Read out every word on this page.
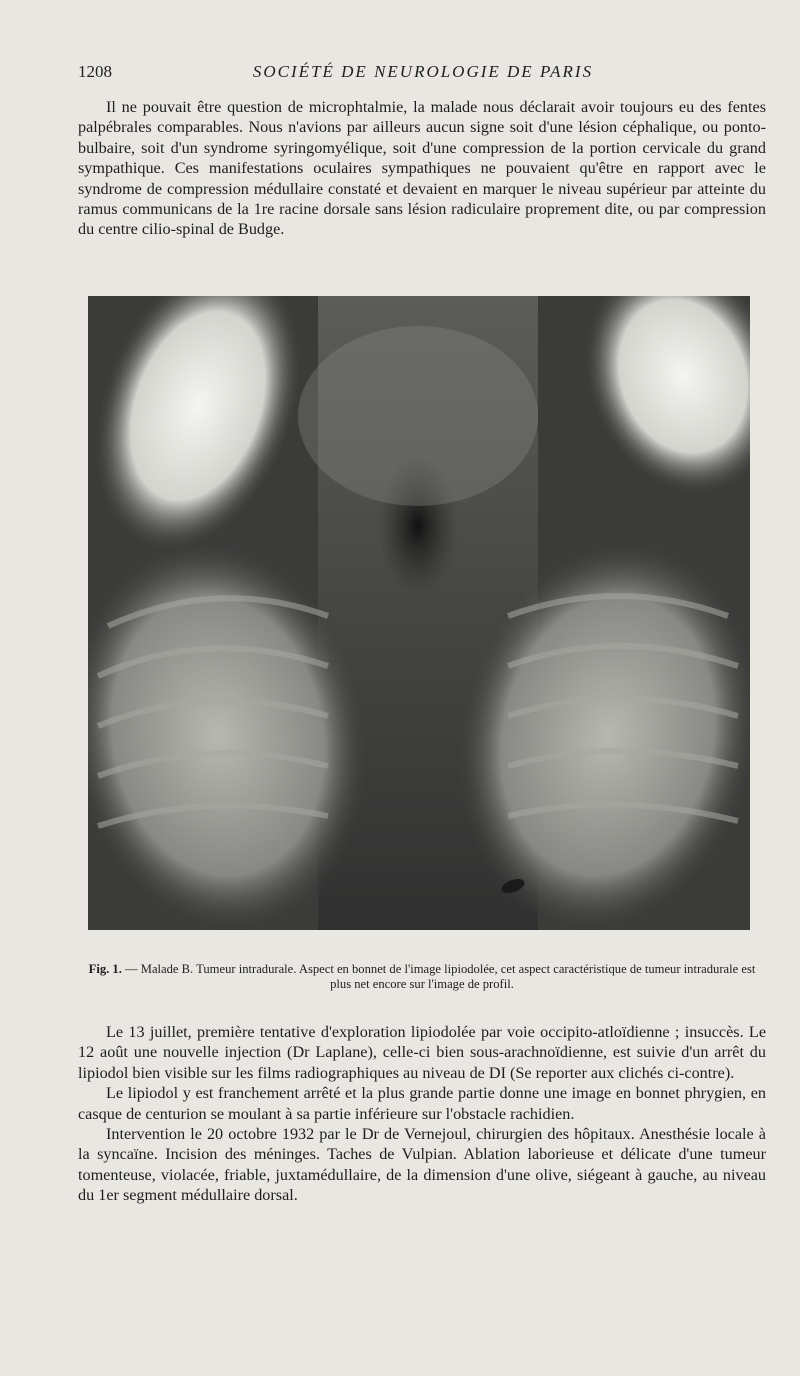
1208	SOCIÉTÉ DE NEUROLOGIE DE PARIS

Il ne pouvait être question de microphtalmie, la malade nous déclarait avoir toujours eu des fentes palpébrales comparables. Nous n'avions par ailleurs aucun signe soit d'une lésion céphalique, ou ponto-bulbaire, soit d'un syndrome syringomyélique, soit d'une compression de la portion cervicale du grand sympathique. Ces manifestations oculaires sympathiques ne pouvaient qu'être en rapport avec le syndrome de compression médullaire constaté et devaient en marquer le niveau supérieur par atteinte du ramus communicans de la 1re racine dorsale sans lésion radiculaire proprement dite, ou par compression du centre cilio-spinal de Budge.

Fig. 1. — Malade B. Tumeur intradurale. Aspect en bonnet de l'image lipiodolée, cet aspect caractéristique de tumeur intradurale est plus net encore sur l'image de profil.

Le 13 juillet, première tentative d'exploration lipiodolée par voie occipito-atloïdienne ; insuccès. Le 12 août une nouvelle injection (Dr Laplane), celle-ci bien sous-arachnoïdienne, est suivie d'un arrêt du lipiodol bien visible sur les films radiographiques au niveau de DI (Se reporter aux clichés ci-contre).

Le lipiodol y est franchement arrêté et la plus grande partie donne une image en bonnet phrygien, en casque de centurion se moulant à sa partie inférieure sur l'obstacle rachidien.

Intervention le 20 octobre 1932 par le Dr de Vernejoul, chirurgien des hôpitaux. Anesthésie locale à la syncaïne. Incision des méninges. Taches de Vulpian. Ablation laborieuse et délicate d'une tumeur tomenteuse, violacée, friable, juxtamédullaire, de la dimension d'une olive, siégeant à gauche, au niveau du 1er segment médullaire dorsal.
